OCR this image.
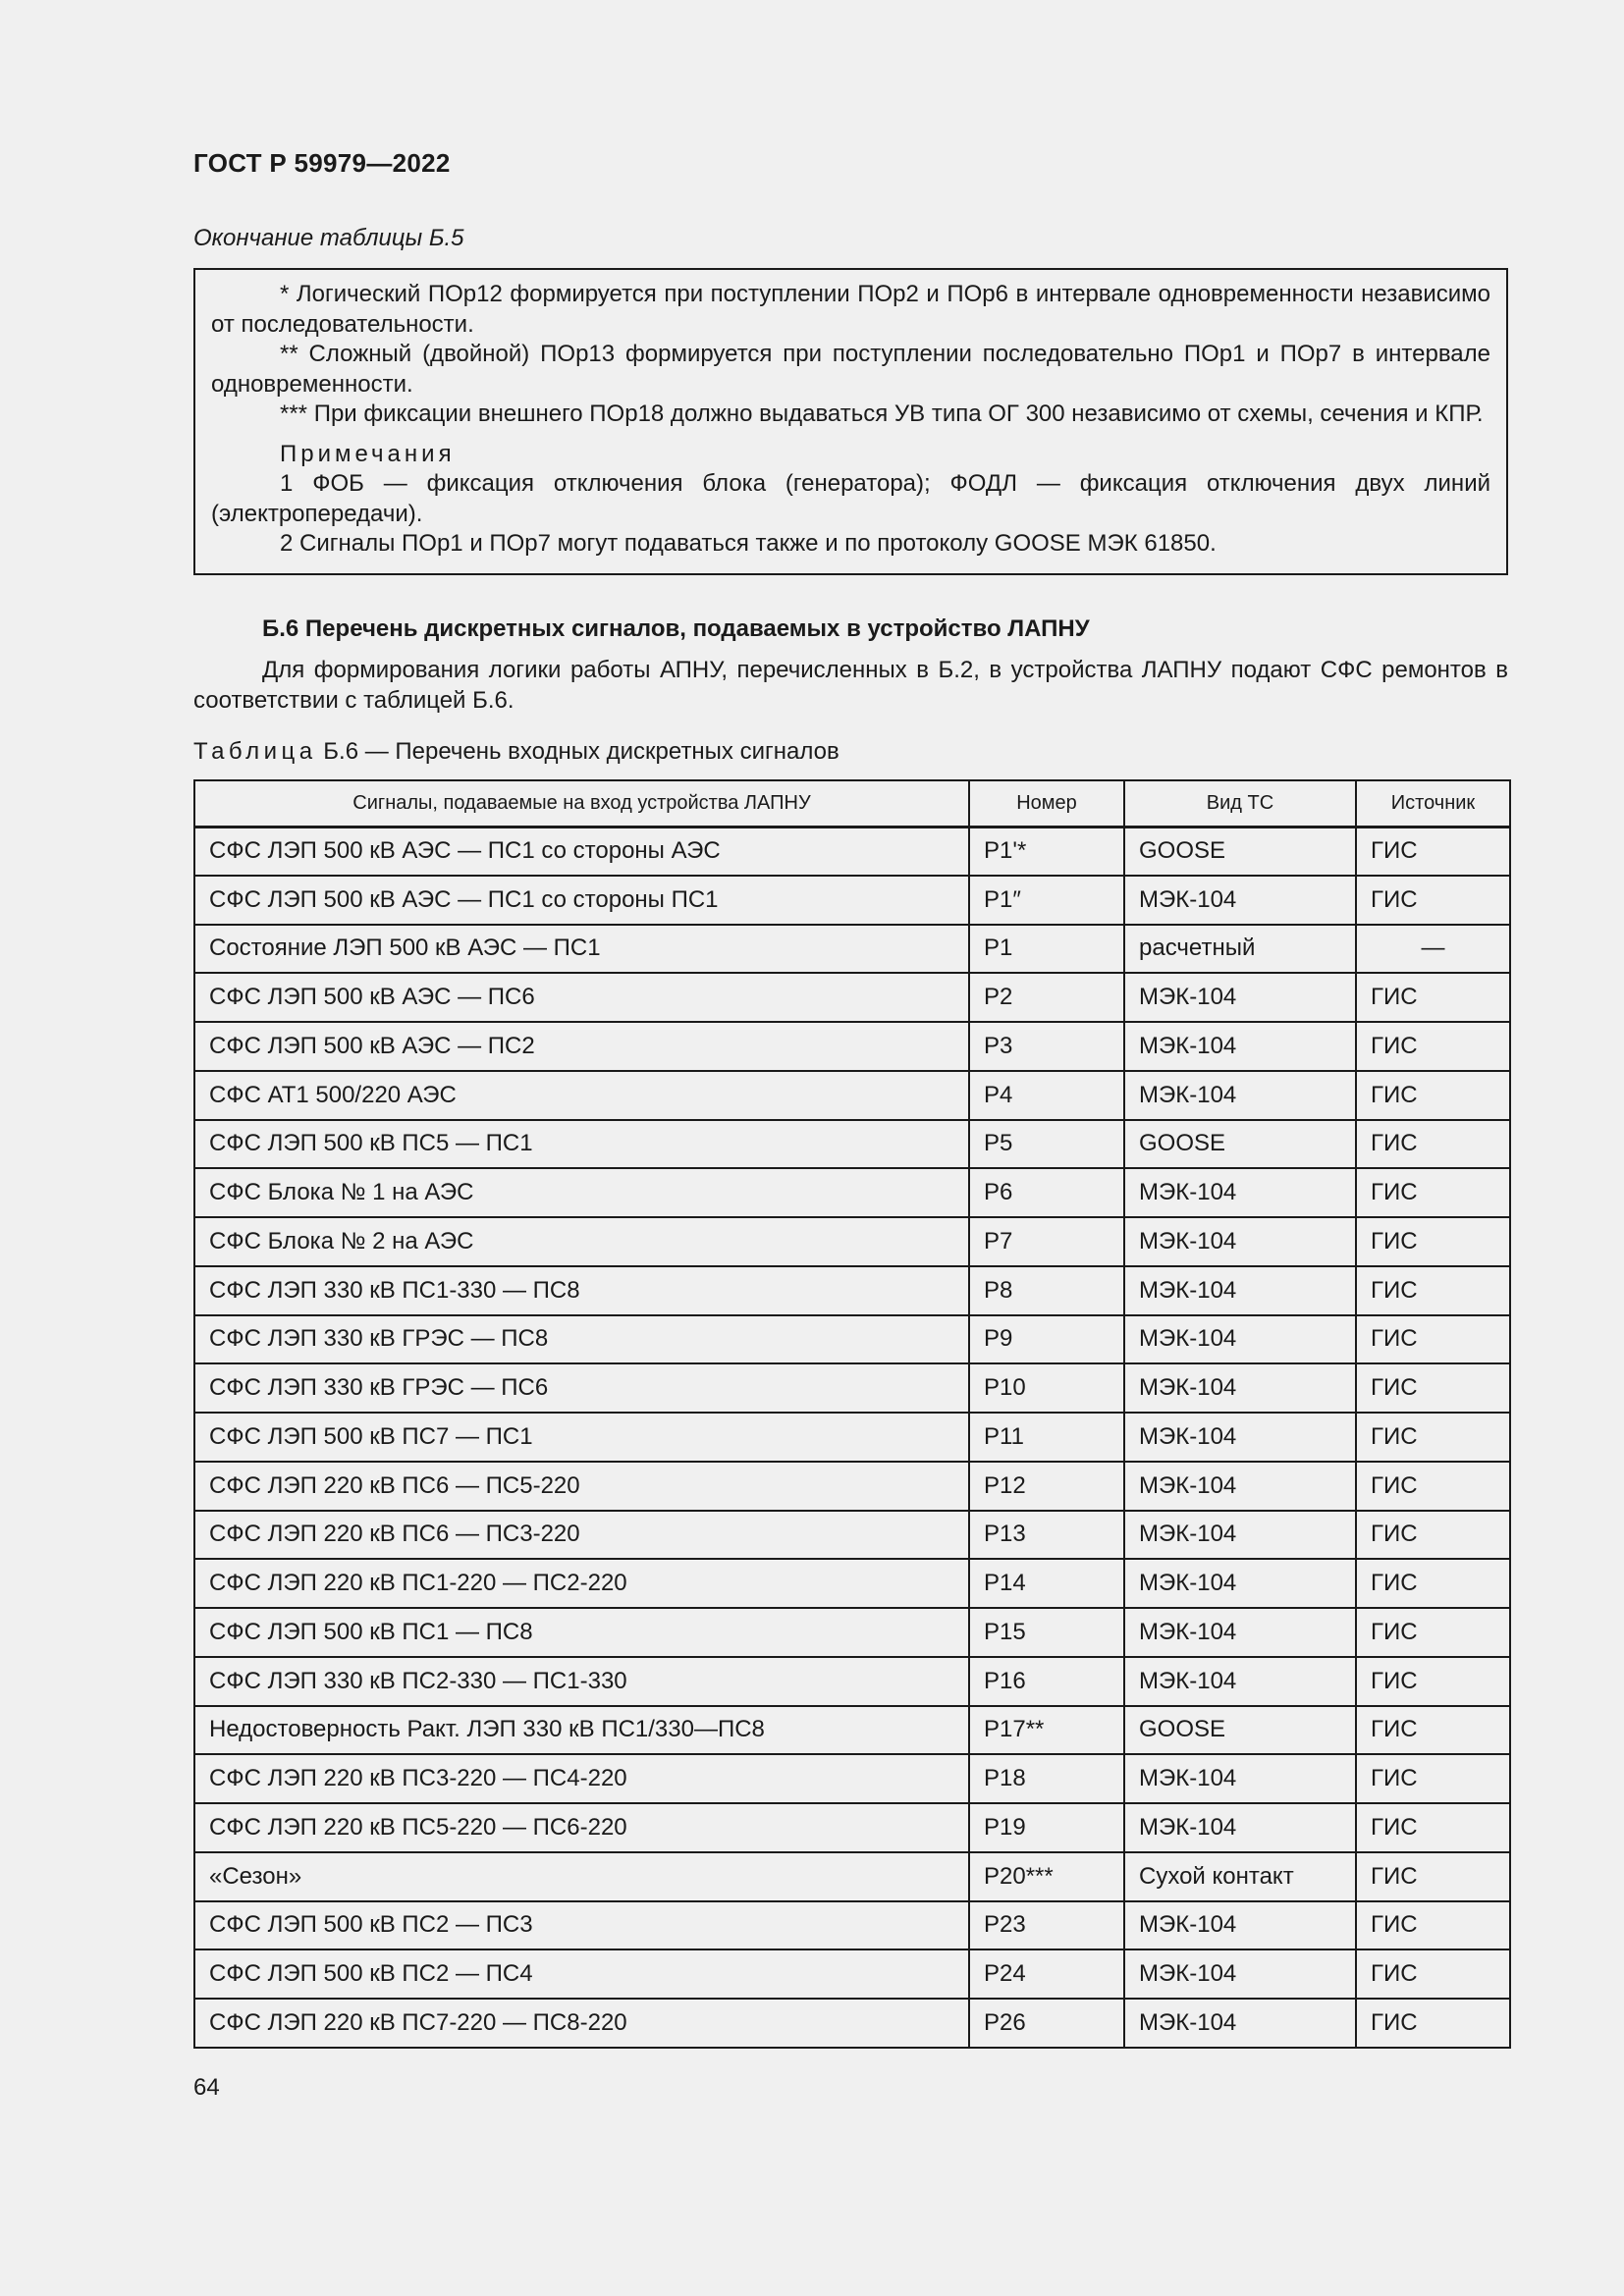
ГОСТ Р 59979—2022
Окончание таблицы Б.5

* Логический ПОр12 формируется при поступлении ПОр2 и ПОр6 в интервале одновременности независимо от последовательности.

** Сложный (двойной) ПОр13 формируется при поступлении последовательно ПОр1 и ПОр7 в интервале одновременности.

*** При фиксации внешнего ПОр18 должно выдаваться УВ типа ОГ 300 независимо от схемы, сечения и КПР.

Примечания

1 ФОБ — фиксация отключения блока (генератора); ФОДЛ — фиксация отключения двух линий (электропередачи).

2 Сигналы ПОр1 и ПОр7 могут подаваться также и по протоколу GOOSE МЭК 61850.

Б.6 Перечень дискретных сигналов, подаваемых в устройство ЛАПНУ

Для формирования логики работы АПНУ, перечисленных в Б.2, в устройства ЛАПНУ подают СФС ремонтов в соответствии с таблицей Б.6.

Таблица Б.6 — Перечень входных дискретных сигналов
Сигналы, подаваемые на вход устройства ЛАПНУ	Номер	Вид ТС	Источник
СФС ЛЭП 500 кВ АЭС — ПС1 со стороны АЭС	Р1'*	GOOSE	ГИС
СФС ЛЭП 500 кВ АЭС — ПС1 со стороны ПС1	Р1″	МЭК-104	ГИС
Состояние ЛЭП 500 кВ АЭС — ПС1	Р1	расчетный	—
СФС ЛЭП 500 кВ АЭС — ПС6	Р2	МЭК-104	ГИС
СФС ЛЭП 500 кВ АЭС — ПС2	Р3	МЭК-104	ГИС
СФС АТ1 500/220 АЭС	Р4	МЭК-104	ГИС
СФС ЛЭП 500 кВ ПС5 — ПС1	Р5	GOOSE	ГИС
СФС Блока № 1 на АЭС	Р6	МЭК-104	ГИС
СФС Блока № 2 на АЭС	Р7	МЭК-104	ГИС
СФС ЛЭП 330 кВ ПС1-330 — ПС8	Р8	МЭК-104	ГИС
СФС ЛЭП 330 кВ ГРЭС — ПС8	Р9	МЭК-104	ГИС
СФС ЛЭП 330 кВ ГРЭС — ПС6	Р10	МЭК-104	ГИС
СФС ЛЭП 500 кВ ПС7 — ПС1	Р11	МЭК-104	ГИС
СФС ЛЭП 220 кВ ПС6 — ПС5-220	Р12	МЭК-104	ГИС
СФС ЛЭП 220 кВ ПС6 — ПС3-220	Р13	МЭК-104	ГИС
СФС ЛЭП 220 кВ ПС1-220 — ПС2-220	Р14	МЭК-104	ГИС
СФС ЛЭП 500 кВ ПС1 — ПС8	Р15	МЭК-104	ГИС
СФС ЛЭП 330 кВ ПС2-330 — ПС1-330	Р16	МЭК-104	ГИС
Недостоверность Ракт. ЛЭП 330 кВ ПС1/330—ПС8	Р17**	GOOSE	ГИС
СФС ЛЭП 220 кВ ПС3-220 — ПС4-220	Р18	МЭК-104	ГИС
СФС ЛЭП 220 кВ ПС5-220 — ПС6-220	Р19	МЭК-104	ГИС
«Сезон»	Р20***	Сухой контакт	ГИС
СФС ЛЭП 500 кВ ПС2 — ПС3	Р23	МЭК-104	ГИС
СФС ЛЭП 500 кВ ПС2 — ПС4	Р24	МЭК-104	ГИС
СФС ЛЭП 220 кВ ПС7-220 — ПС8-220	Р26	МЭК-104	ГИС
64
